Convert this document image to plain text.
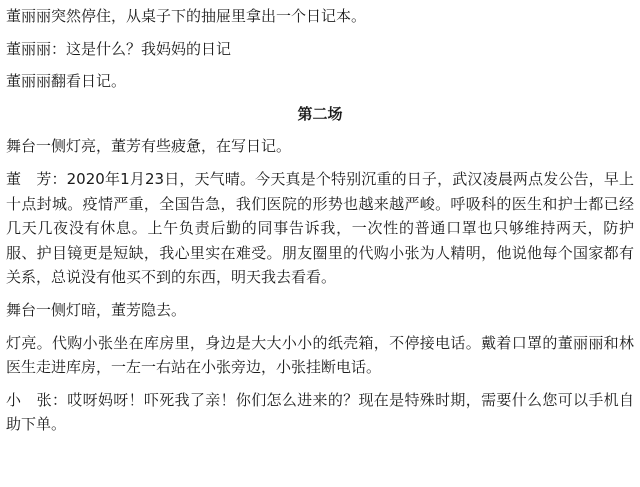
董丽丽突然停住，从桌子下的抽屉里拿出一个日记本。

董丽丽：这是什么？我妈妈的日记

董丽丽翻看日记。

第二场

舞台一侧灯亮，董芳有些疲惫，在写日记。

董　芳：2020年1月23日，天气晴。今天真是个特别沉重的日子，武汉凌晨两点发公告，早上十点封城。疫情严重，全国告急，我们医院的形势也越来越严峻。呼吸科的医生和护士都已经几天几夜没有休息。上午负责后勤的同事告诉我，一次性的普通口罩也只够维持两天，防护服、护目镜更是短缺，我心里实在难受。朋友圈里的代购小张为人精明，他说他每个国家都有关系，总说没有他买不到的东西，明天我去看看。

舞台一侧灯暗，董芳隐去。

灯亮。代购小张坐在库房里，身边是大大小小的纸壳箱，不停接电话。戴着口罩的董丽丽和林医生走进库房，一左一右站在小张旁边，小张挂断电话。

小　张：哎呀妈呀！吓死我了亲！你们怎么进来的？现在是特殊时期，需要什么您可以手机自助下单。
